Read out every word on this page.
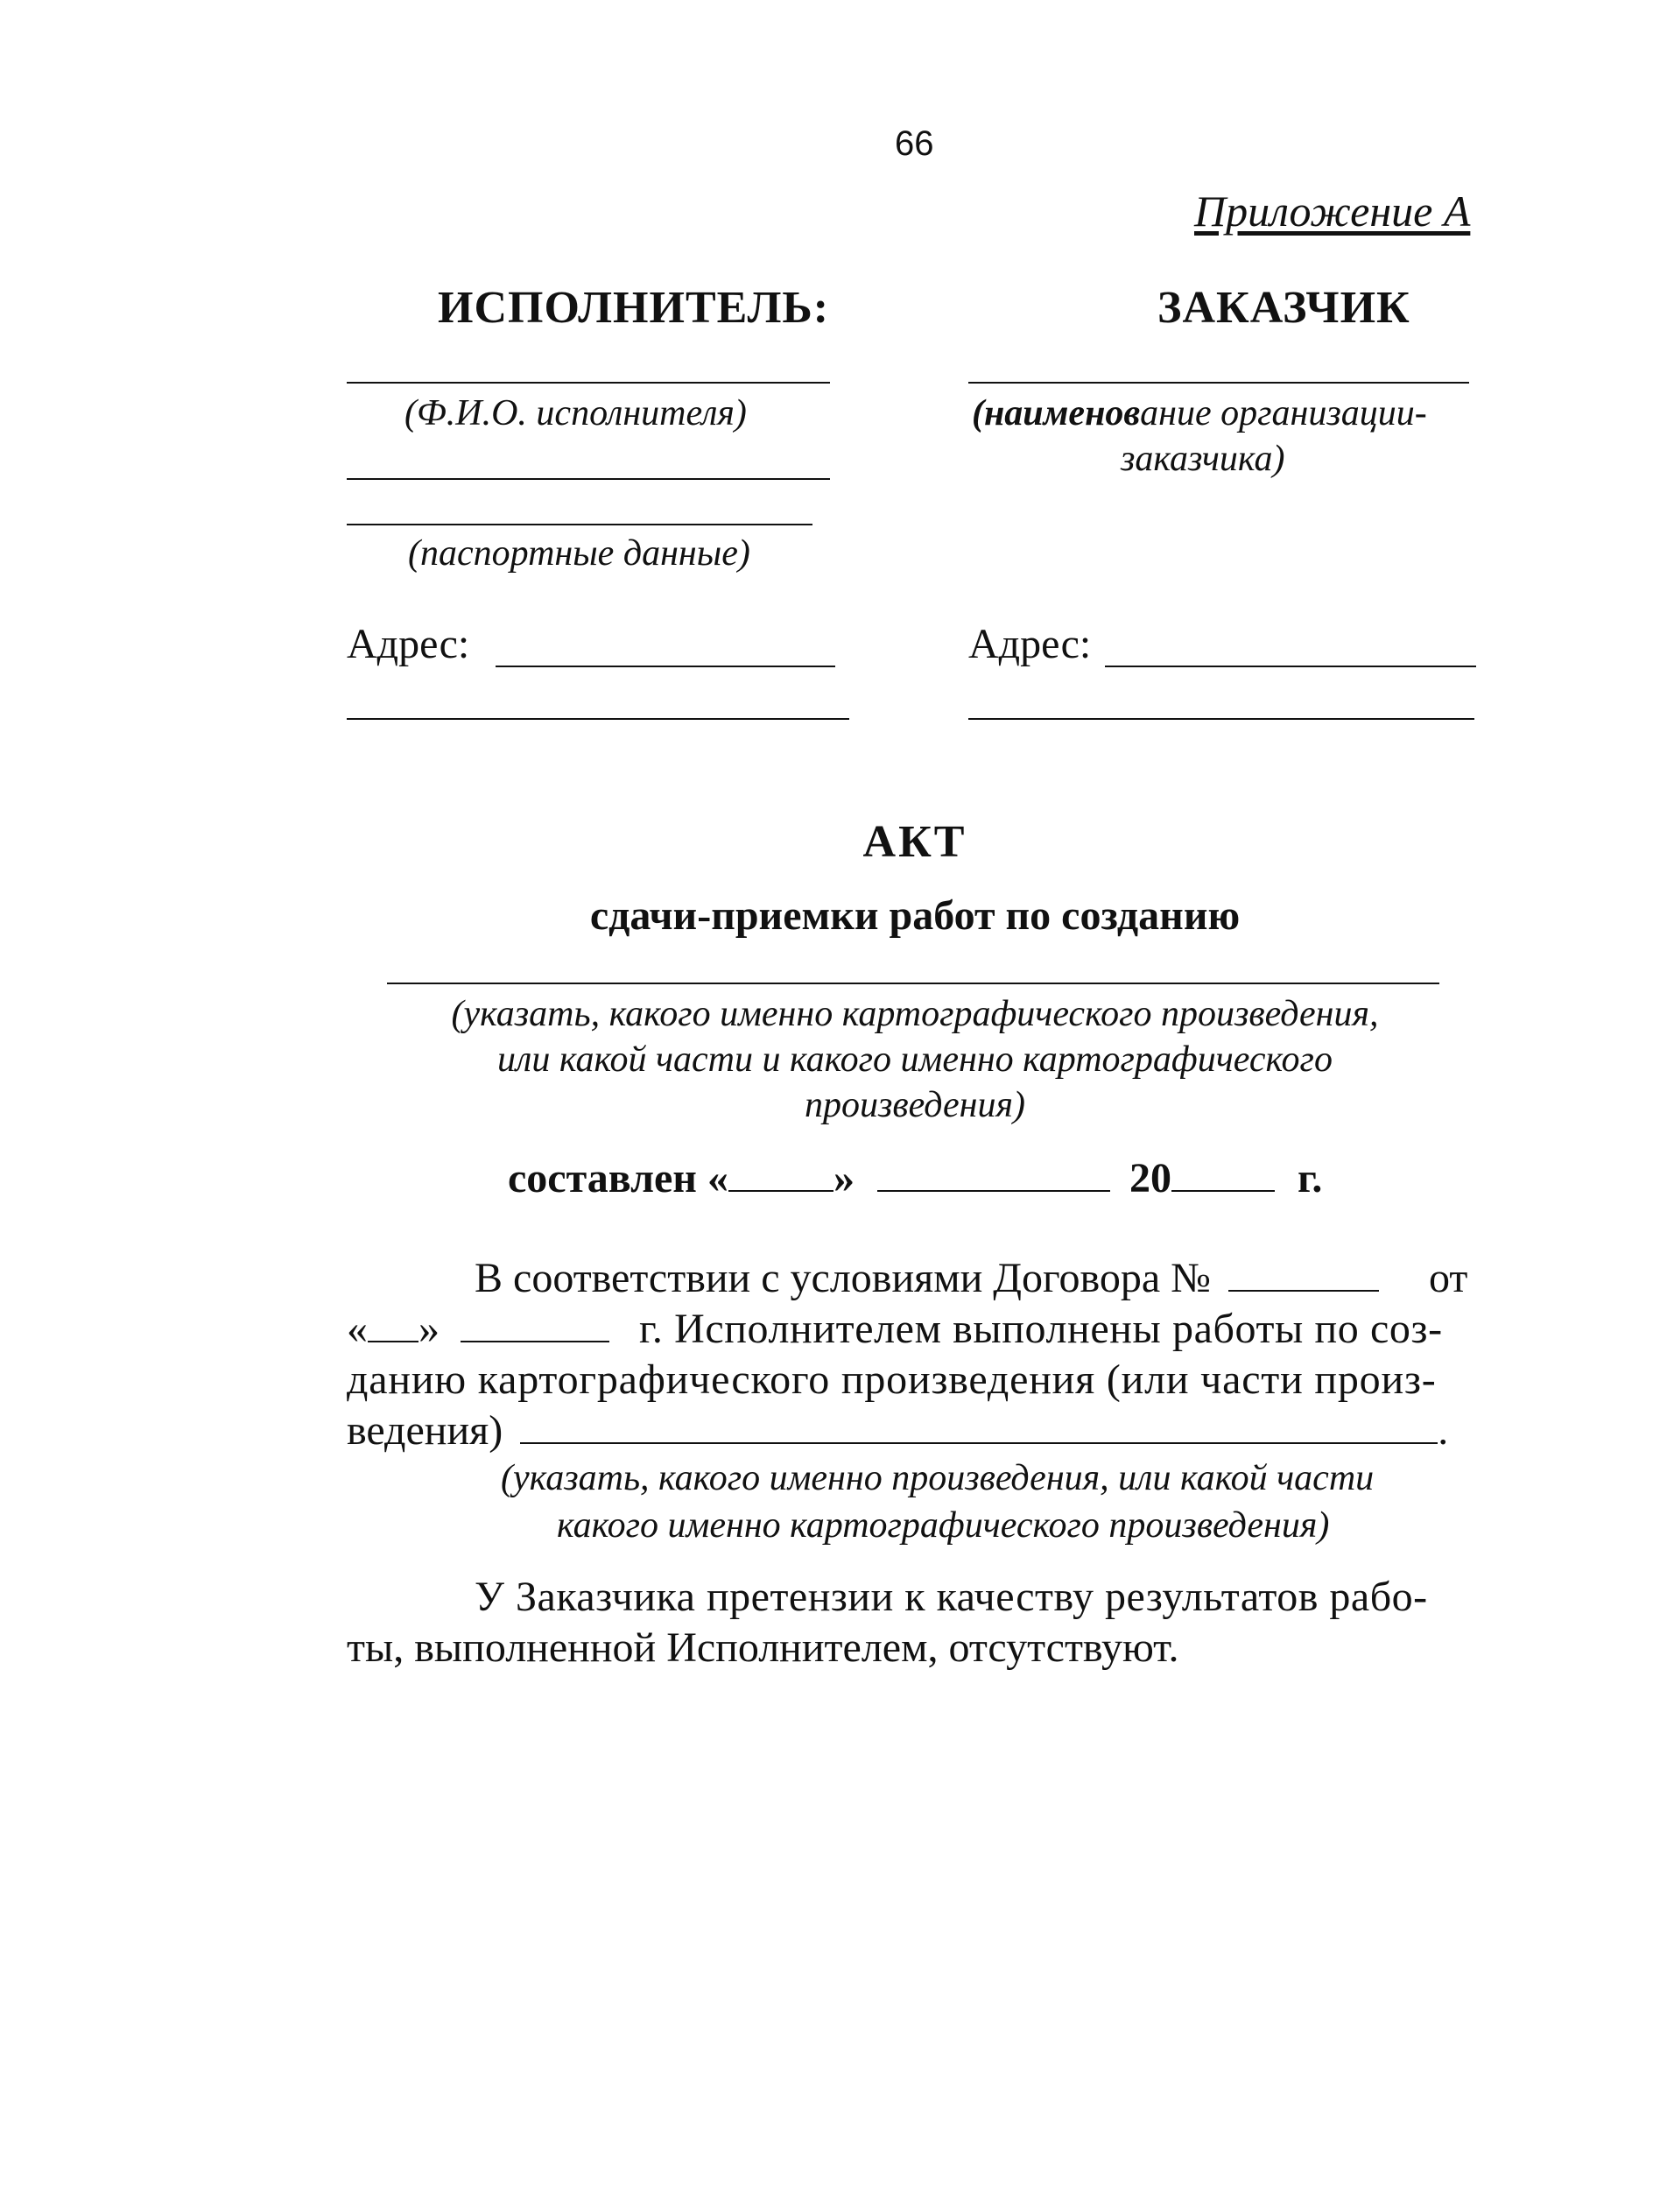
66
Приложение А
ИСПОЛНИТЕЛЬ:
(Ф.И.О. исполнителя)
(паспортные данные)
Адрес:
ЗАКАЗЧИК
(наименование организации-
заказчика)
Адрес:
АКТ
сдачи-приемки работ по созданию
(указать, какого именно картографического произведения,
или какой части и какого именно картографического
произведения)
составлен «	»	20	г.
В соответствии с условиями Договора №	от
« »	г. Исполнителем выполнены работы по соз-
данию картографического произведения (или части произ-
ведения)	.
(указать, какого именно произведения, или какой части
какого именно картографического произведения)
У Заказчика претензии к качеству результатов рабо-
ты, выполненной Исполнителем, отсутствуют.
